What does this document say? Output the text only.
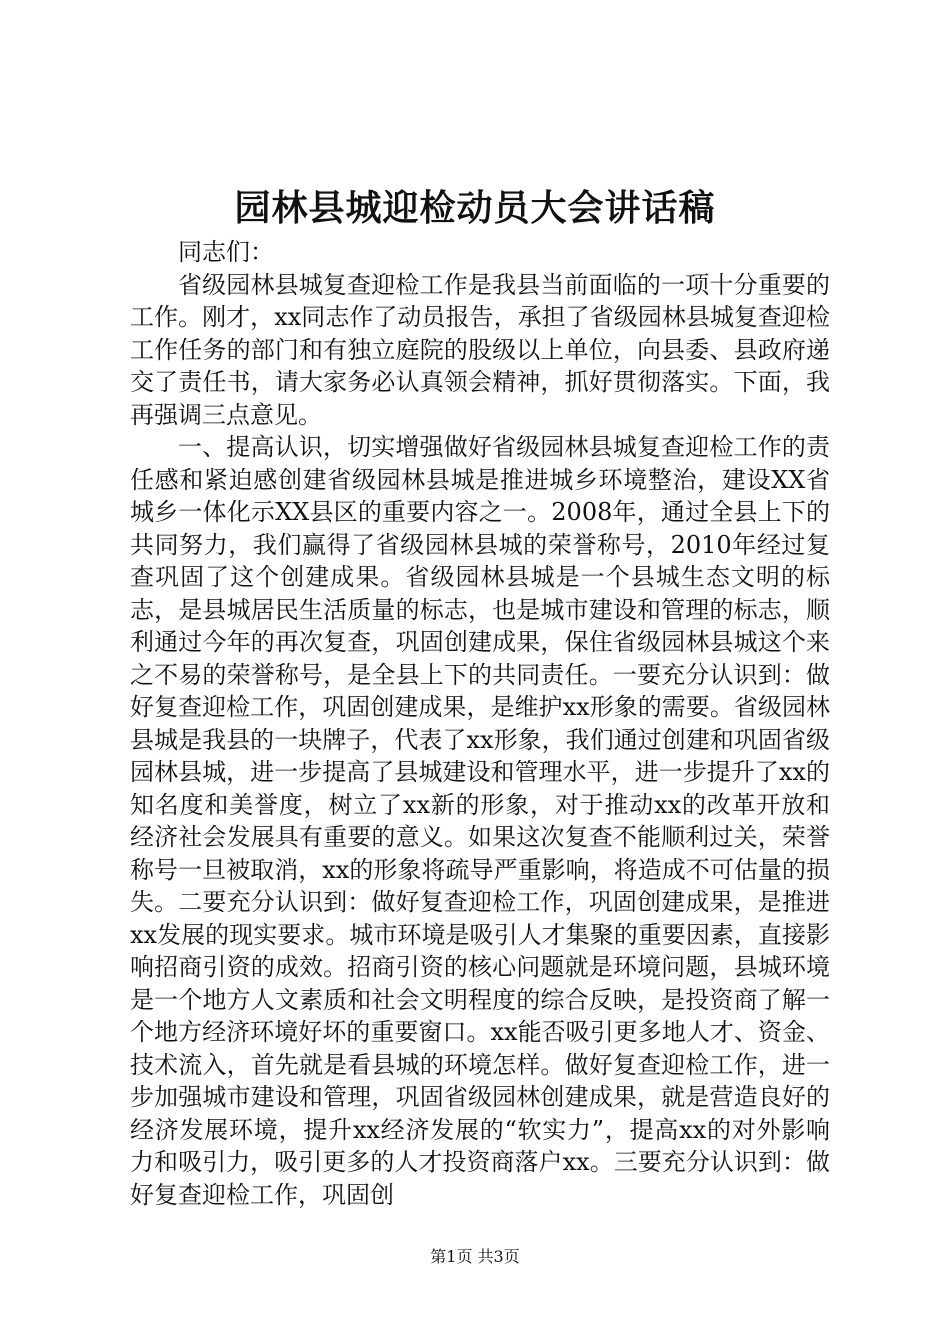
园林县城迎检动员大会讲话稿

同志们：

省级园林县城复查迎检工作是我县当前面临的一项十分重要的工作。刚才，xx同志作了动员报告，承担了省级园林县城复查迎检工作任务的部门和有独立庭院的股级以上单位，向县委、县政府递交了责任书，请大家务必认真领会精神，抓好贯彻落实。下面，我再强调三点意见。

一、提高认识，切实增强做好省级园林县城复查迎检工作的责任感和紧迫感创建省级园林县城是推进城乡环境整治，建设XX省城乡一体化示XX县区的重要内容之一。2008年，通过全县上下的共同努力，我们赢得了省级园林县城的荣誉称号，2010年经过复查巩固了这个创建成果。省级园林县城是一个县城生态文明的标志，是县城居民生活质量的标志，也是城市建设和管理的标志，顺利通过今年的再次复查，巩固创建成果，保住省级园林县城这个来之不易的荣誉称号，是全县上下的共同责任。一要充分认识到：做好复查迎检工作，巩固创建成果，是维护xx形象的需要。省级园林县城是我县的一块牌子，代表了xx形象，我们通过创建和巩固省级园林县城，进一步提高了县城建设和管理水平，进一步提升了xx的知名度和美誉度，树立了xx新的形象，对于推动xx的改革开放和经济社会发展具有重要的意义。如果这次复查不能顺利过关，荣誉称号一旦被取消，xx的形象将疏导严重影响，将造成不可估量的损失。二要充分认识到：做好复查迎检工作，巩固创建成果，是推进xx发展的现实要求。城市环境是吸引人才集聚的重要因素，直接影响招商引资的成效。招商引资的核心问题就是环境问题，县城环境是一个地方人文素质和社会文明程度的综合反映，是投资商了解一个地方经济环境好坏的重要窗口。xx能否吸引更多地人才、资金、技术流入，首先就是看县城的环境怎样。做好复查迎检工作，进一步加强城市建设和管理，巩固省级园林创建成果，就是营造良好的经济发展环境，提升xx经济发展的“软实力”，提高xx的对外影响力和吸引力，吸引更多的人才投资商落户xx。三要充分认识到：做好复查迎检工作，巩固创

第1页 共3页
